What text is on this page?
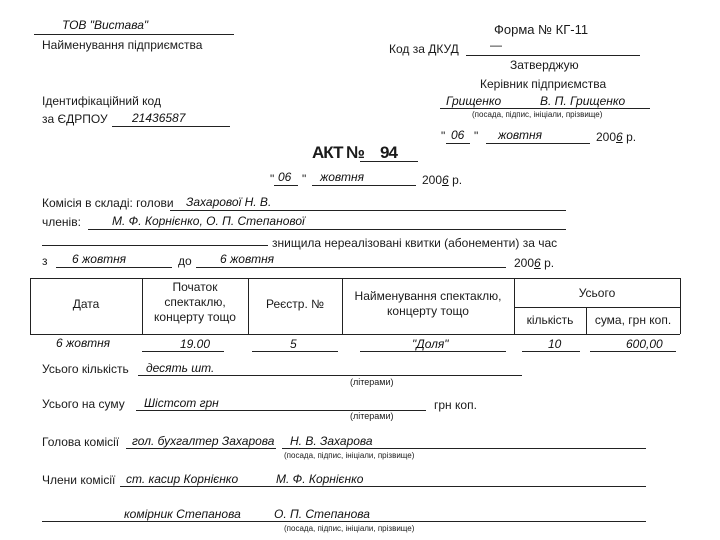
ТОВ "Вистава"
Найменування підприємства
Ідентифікаційний код
за ЄДРПОУ 21436587
Форма № КГ-11
Код за ДКУД	—
Затверджую
Керівник підприємства
Грищенко	В. П. Грищенко
(посада, підпис, ініціали, прізвище)
" 06 " жовтня	2006 р.
АКТ № 94
" 06 " жовтня	2006 р.
Комісія в складі: голови Захарової Н. В.
членів:	М. Ф. Корнієнко, О. П. Степанової
знищила нереалізовані квитки (абонементи) за час
з 6 жовтня	до 6 жовтня	2006 р.
Дата
Початок спектаклю, концерту тощо
Реєстр. №
Найменування спектаклю, концерту тощо
Усього
кількість	сума, грн коп.
6 жовтня	19.00	5	"Доля"	10	600,00
Усього кількість десять шт.
(літерами)
Усього на суму Шістсот грн
(літерами)
грн коп.
Голова комісії гол. бухгалтер Захарова Н. В. Захарова
(посада, підпис, ініціали, прізвище)
Члени комісії ст. касир Корнієнко	М. Ф. Корнієнко
комірник Степанова	О. П. Степанова
(посада, підпис, ініціали, прізвище)
